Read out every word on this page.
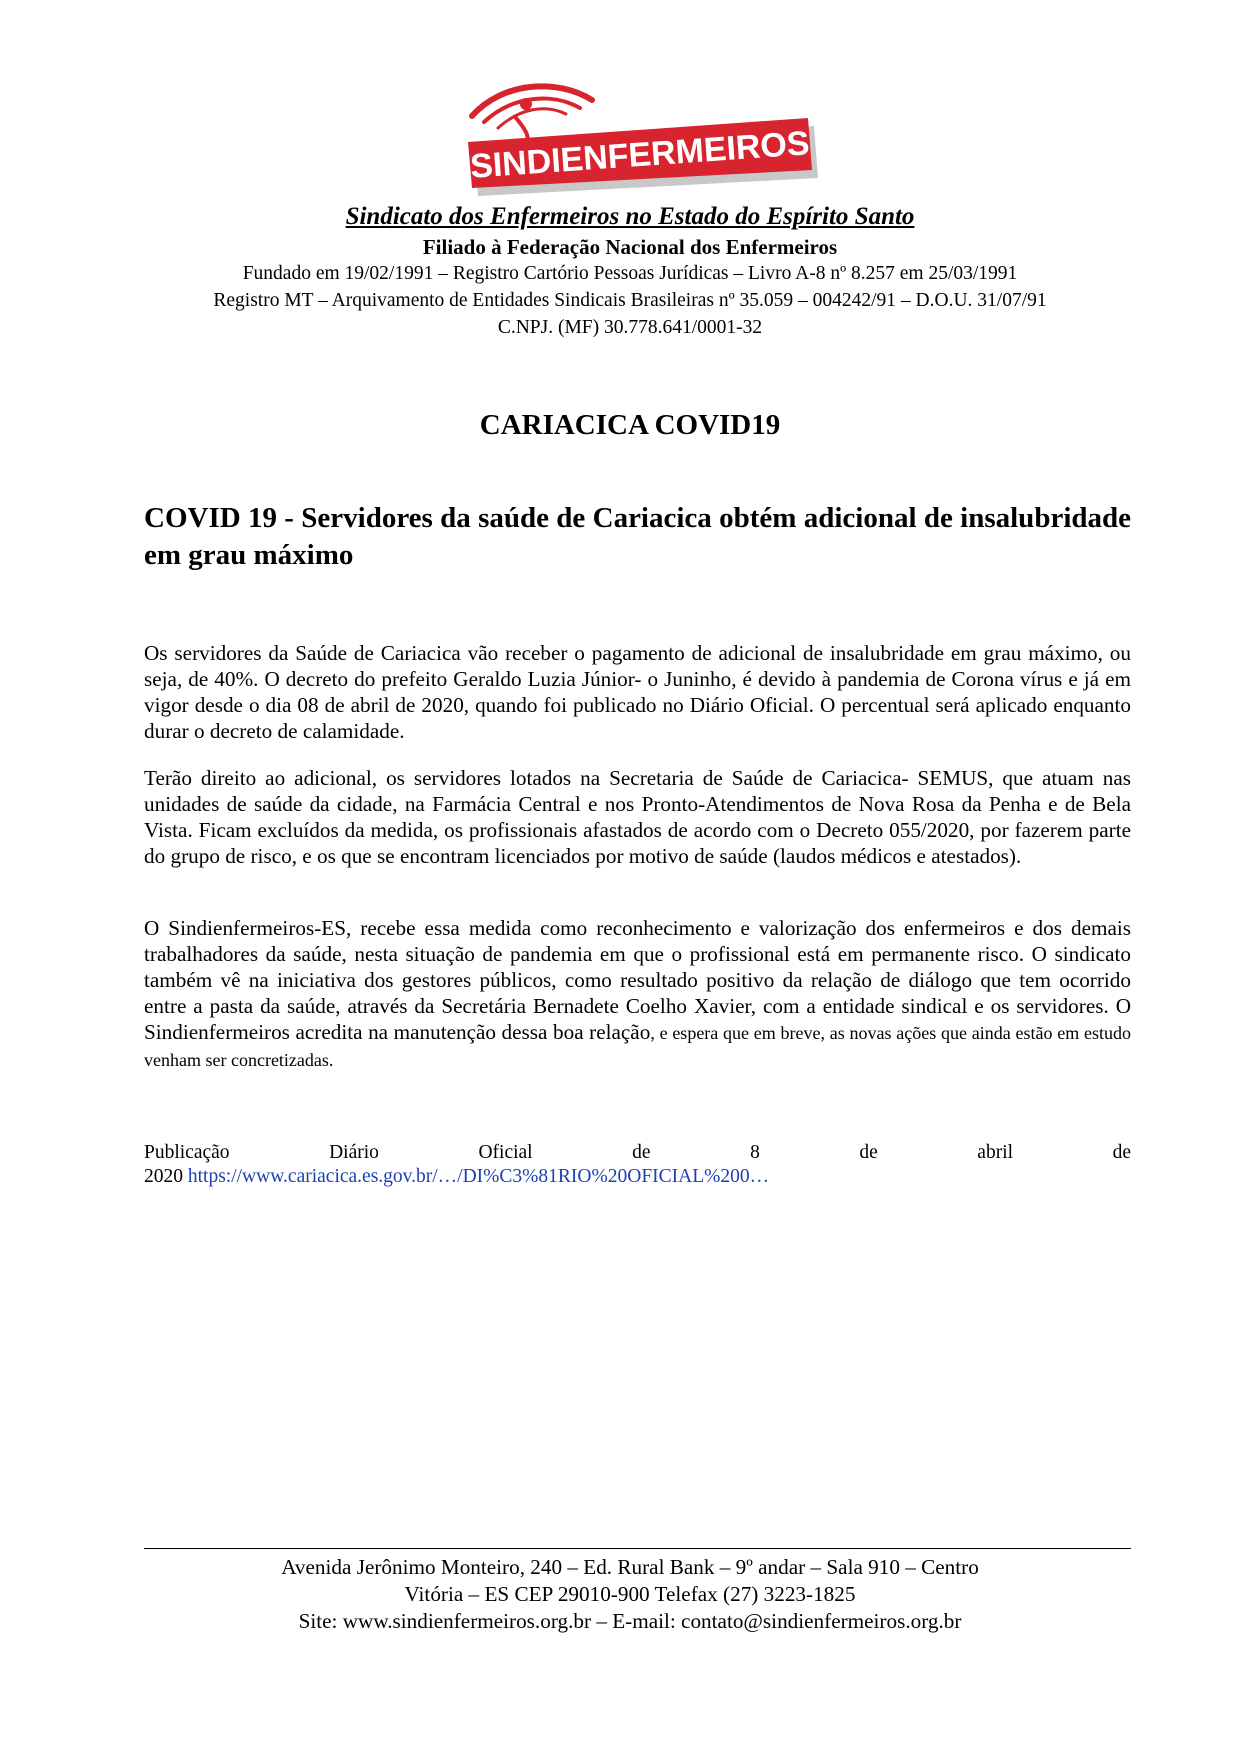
SINDIENFERMEIROS
Sindicato dos Enfermeiros no Estado do Espírito Santo
Filiado à Federação Nacional dos Enfermeiros
Fundado em 19/02/1991 – Registro Cartório Pessoas Jurídicas – Livro A-8 nº 8.257 em 25/03/1991
Registro MT – Arquivamento de Entidades Sindicais Brasileiras nº 35.059 – 004242/91 – D.O.U. 31/07/91
C.NPJ. (MF) 30.778.641/0001-32
CARIACICA COVID19

COVID 19 - Servidores da saúde de Cariacica obtém adicional de insalubridade em grau máximo

Os servidores da Saúde de Cariacica vão receber o pagamento de adicional de insalubridade em grau máximo, ou seja, de 40%. O decreto do prefeito Geraldo Luzia Júnior- o Juninho, é devido à pandemia de Corona vírus e já em vigor desde o dia 08 de abril de 2020, quando foi publicado no Diário Oficial. O percentual será aplicado enquanto durar o decreto de calamidade.

Terão direito ao adicional, os servidores lotados na Secretaria de Saúde de Cariacica- SEMUS, que atuam nas unidades de saúde da cidade, na Farmácia Central e nos Pronto-Atendimentos de Nova Rosa da Penha e de Bela Vista. Ficam excluídos da medida, os profissionais afastados de acordo com o Decreto 055/2020, por fazerem parte do grupo de risco, e os que se encontram licenciados por motivo de saúde (laudos médicos e atestados).

O Sindienfermeiros-ES, recebe essa medida como reconhecimento e valorização dos enfermeiros e dos demais trabalhadores da saúde, nesta situação de pandemia em que o profissional está em permanente risco. O sindicato também vê na iniciativa dos gestores públicos, como resultado positivo da relação de diálogo que tem ocorrido entre a pasta da saúde, através da Secretária Bernadete Coelho Xavier, com a entidade sindical e os servidores. O Sindienfermeiros acredita na manutenção dessa boa relação, e espera que em breve, as novas ações que ainda estão em estudo venham ser concretizadas.

Publicação Diário Oficial de 8 de abril de

2020 https://www.cariacica.es.gov.br/…/DI%C3%81RIO%20OFICIAL%200…

Avenida Jerônimo Monteiro, 240 – Ed. Rural Bank – 9º andar – Sala 910 – Centro
Vitória – ES CEP 29010-900 Telefax (27) 3223-1825
Site: www.sindienfermeiros.org.br – E-mail: contato@sindienfermeiros.org.br
